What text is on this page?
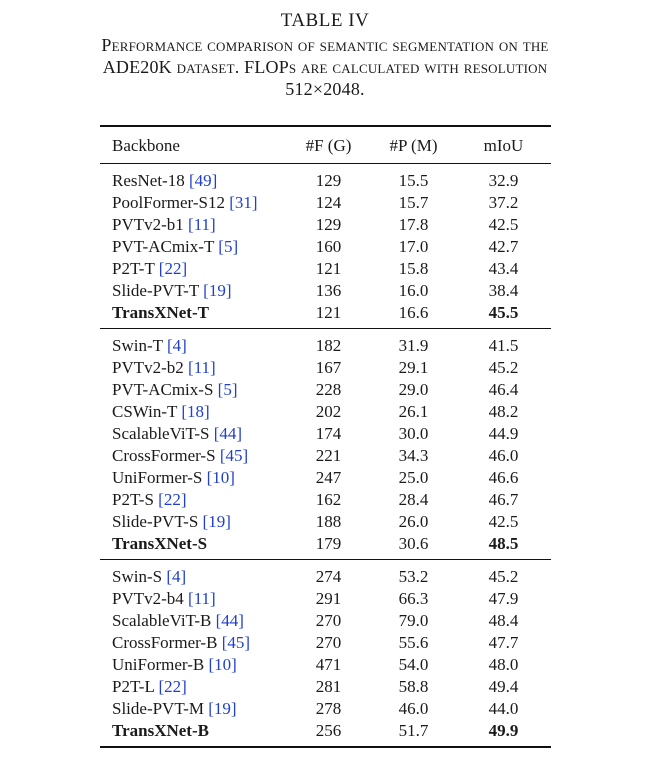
TABLE IV
Performance comparison of semantic segmentation on the
ADE20K dataset. FLOPs are calculated with resolution
512×2048.
Backbone	#F (G)	#P (M)	mIoU
ResNet-18 [49]	129	15.5	32.9
PoolFormer-S12 [31]	124	15.7	37.2
PVTv2-b1 [11]	129	17.8	42.5
PVT-ACmix-T [5]	160	17.0	42.7
P2T-T [22]	121	15.8	43.4
Slide-PVT-T [19]	136	16.0	38.4
TransXNet-T	121	16.6	45.5
Swin-T [4]	182	31.9	41.5
PVTv2-b2 [11]	167	29.1	45.2
PVT-ACmix-S [5]	228	29.0	46.4
CSWin-T [18]	202	26.1	48.2
ScalableViT-S [44]	174	30.0	44.9
CrossFormer-S [45]	221	34.3	46.0
UniFormer-S [10]	247	25.0	46.6
P2T-S [22]	162	28.4	46.7
Slide-PVT-S [19]	188	26.0	42.5
TransXNet-S	179	30.6	48.5
Swin-S [4]	274	53.2	45.2
PVTv2-b4 [11]	291	66.3	47.9
ScalableViT-B [44]	270	79.0	48.4
CrossFormer-B [45]	270	55.6	47.7
UniFormer-B [10]	471	54.0	48.0
P2T-L [22]	281	58.8	49.4
Slide-PVT-M [19]	278	46.0	44.0
TransXNet-B	256	51.7	49.9
